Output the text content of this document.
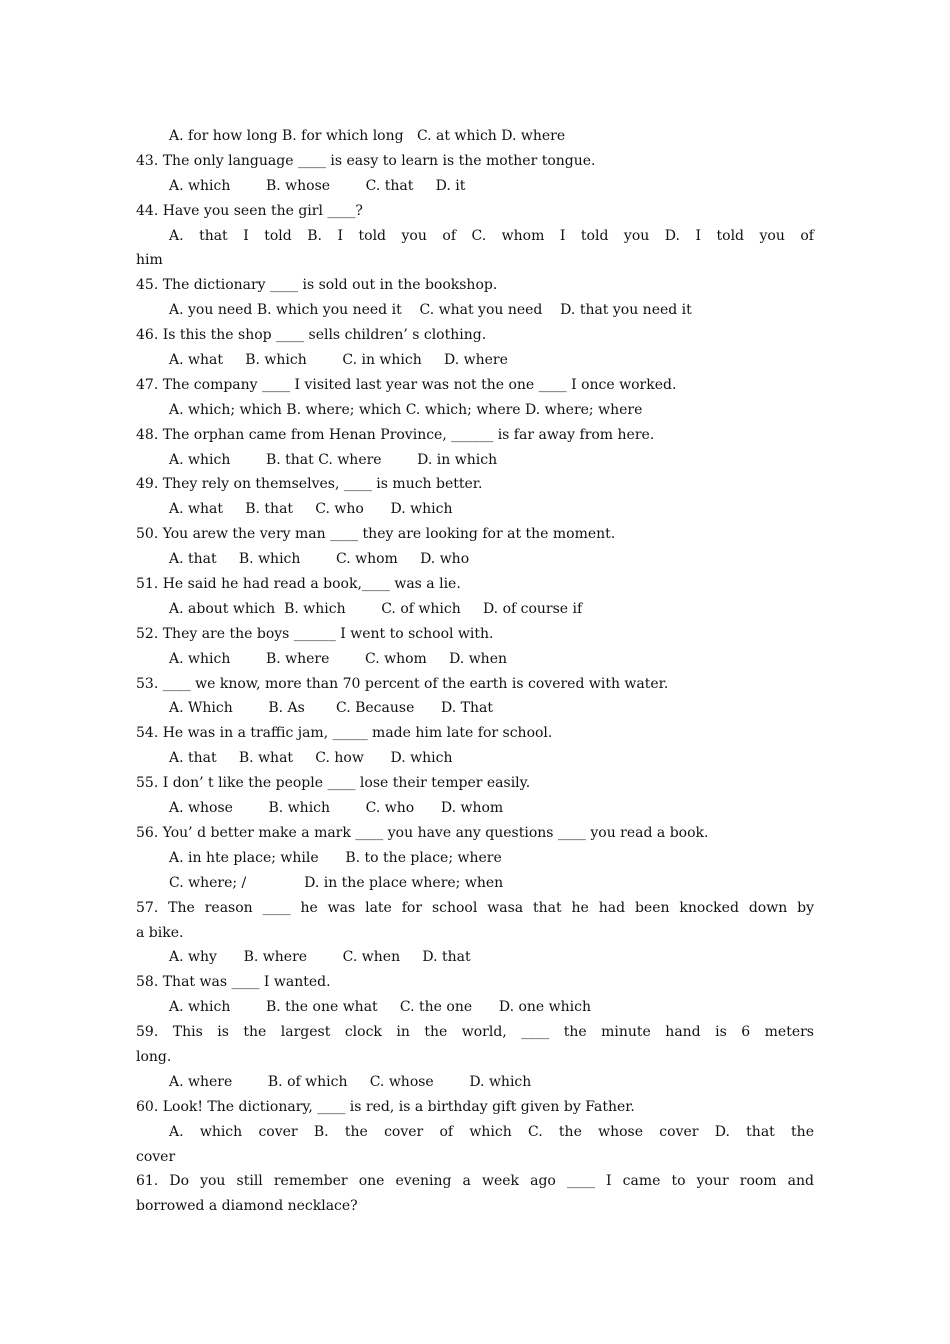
A. for how long B. for which long   C. at which D. where
43. The only language ____ is easy to learn is the mother tongue.
A. which        B. whose        C. that     D. it
44. Have you seen the girl ____?
A. that I told B. I told you of C. whom I told you D. I told you of
him
45. The dictionary ____ is sold out in the bookshop.
A. you need B. which you need it    C. what you need    D. that you need it
46. Is this the shop ____ sells children’ s clothing.
A. what     B. which        C. in which     D. where
47. The company ____ I visited last year was not the one ____ I once worked.
A. which; which B. where; which C. which; where D. where; where
48. The orphan came from Henan Province, ______ is far away from here.
A. which        B. that C. where        D. in which
49. They rely on themselves, ____ is much better.
A. what     B. that     C. who      D. which
50. You arew the very man ____ they are looking for at the moment.
A. that     B. which        C. whom     D. who
51. He said he had read a book,____ was a lie.
A. about which  B. which        C. of which     D. of course if
52. They are the boys ______ I went to school with.
A. which        B. where        C. whom     D. when
53. ____ we know, more than 70 percent of the earth is covered with water.
A. Which        B. As       C. Because      D. That
54. He was in a traffic jam, _____ made him late for school.
A. that     B. what     C. how      D. which
55. I don’ t like the people ____ lose their temper easily.
A. whose        B. which        C. who      D. whom
56. You’ d better make a mark ____ you have any questions ____ you read a book.
A. in hte place; while      B. to the place; where
C. where; /             D. in the place where; when
57. The reason ____ he was late for school wasa that he had been knocked down by
a bike.
A. why      B. where        C. when     D. that
58. That was ____ I wanted.
A. which        B. the one what     C. the one      D. one which
59. This is the largest clock in the world, ____ the minute hand is 6 meters
long.
A. where        B. of which     C. whose        D. which
60. Look! The dictionary, ____ is red, is a birthday gift given by Father.
A. which cover B. the cover of which C. the whose cover D. that the
cover
61. Do you still remember one evening a week ago ____ I came to your room and
borrowed a diamond necklace?
